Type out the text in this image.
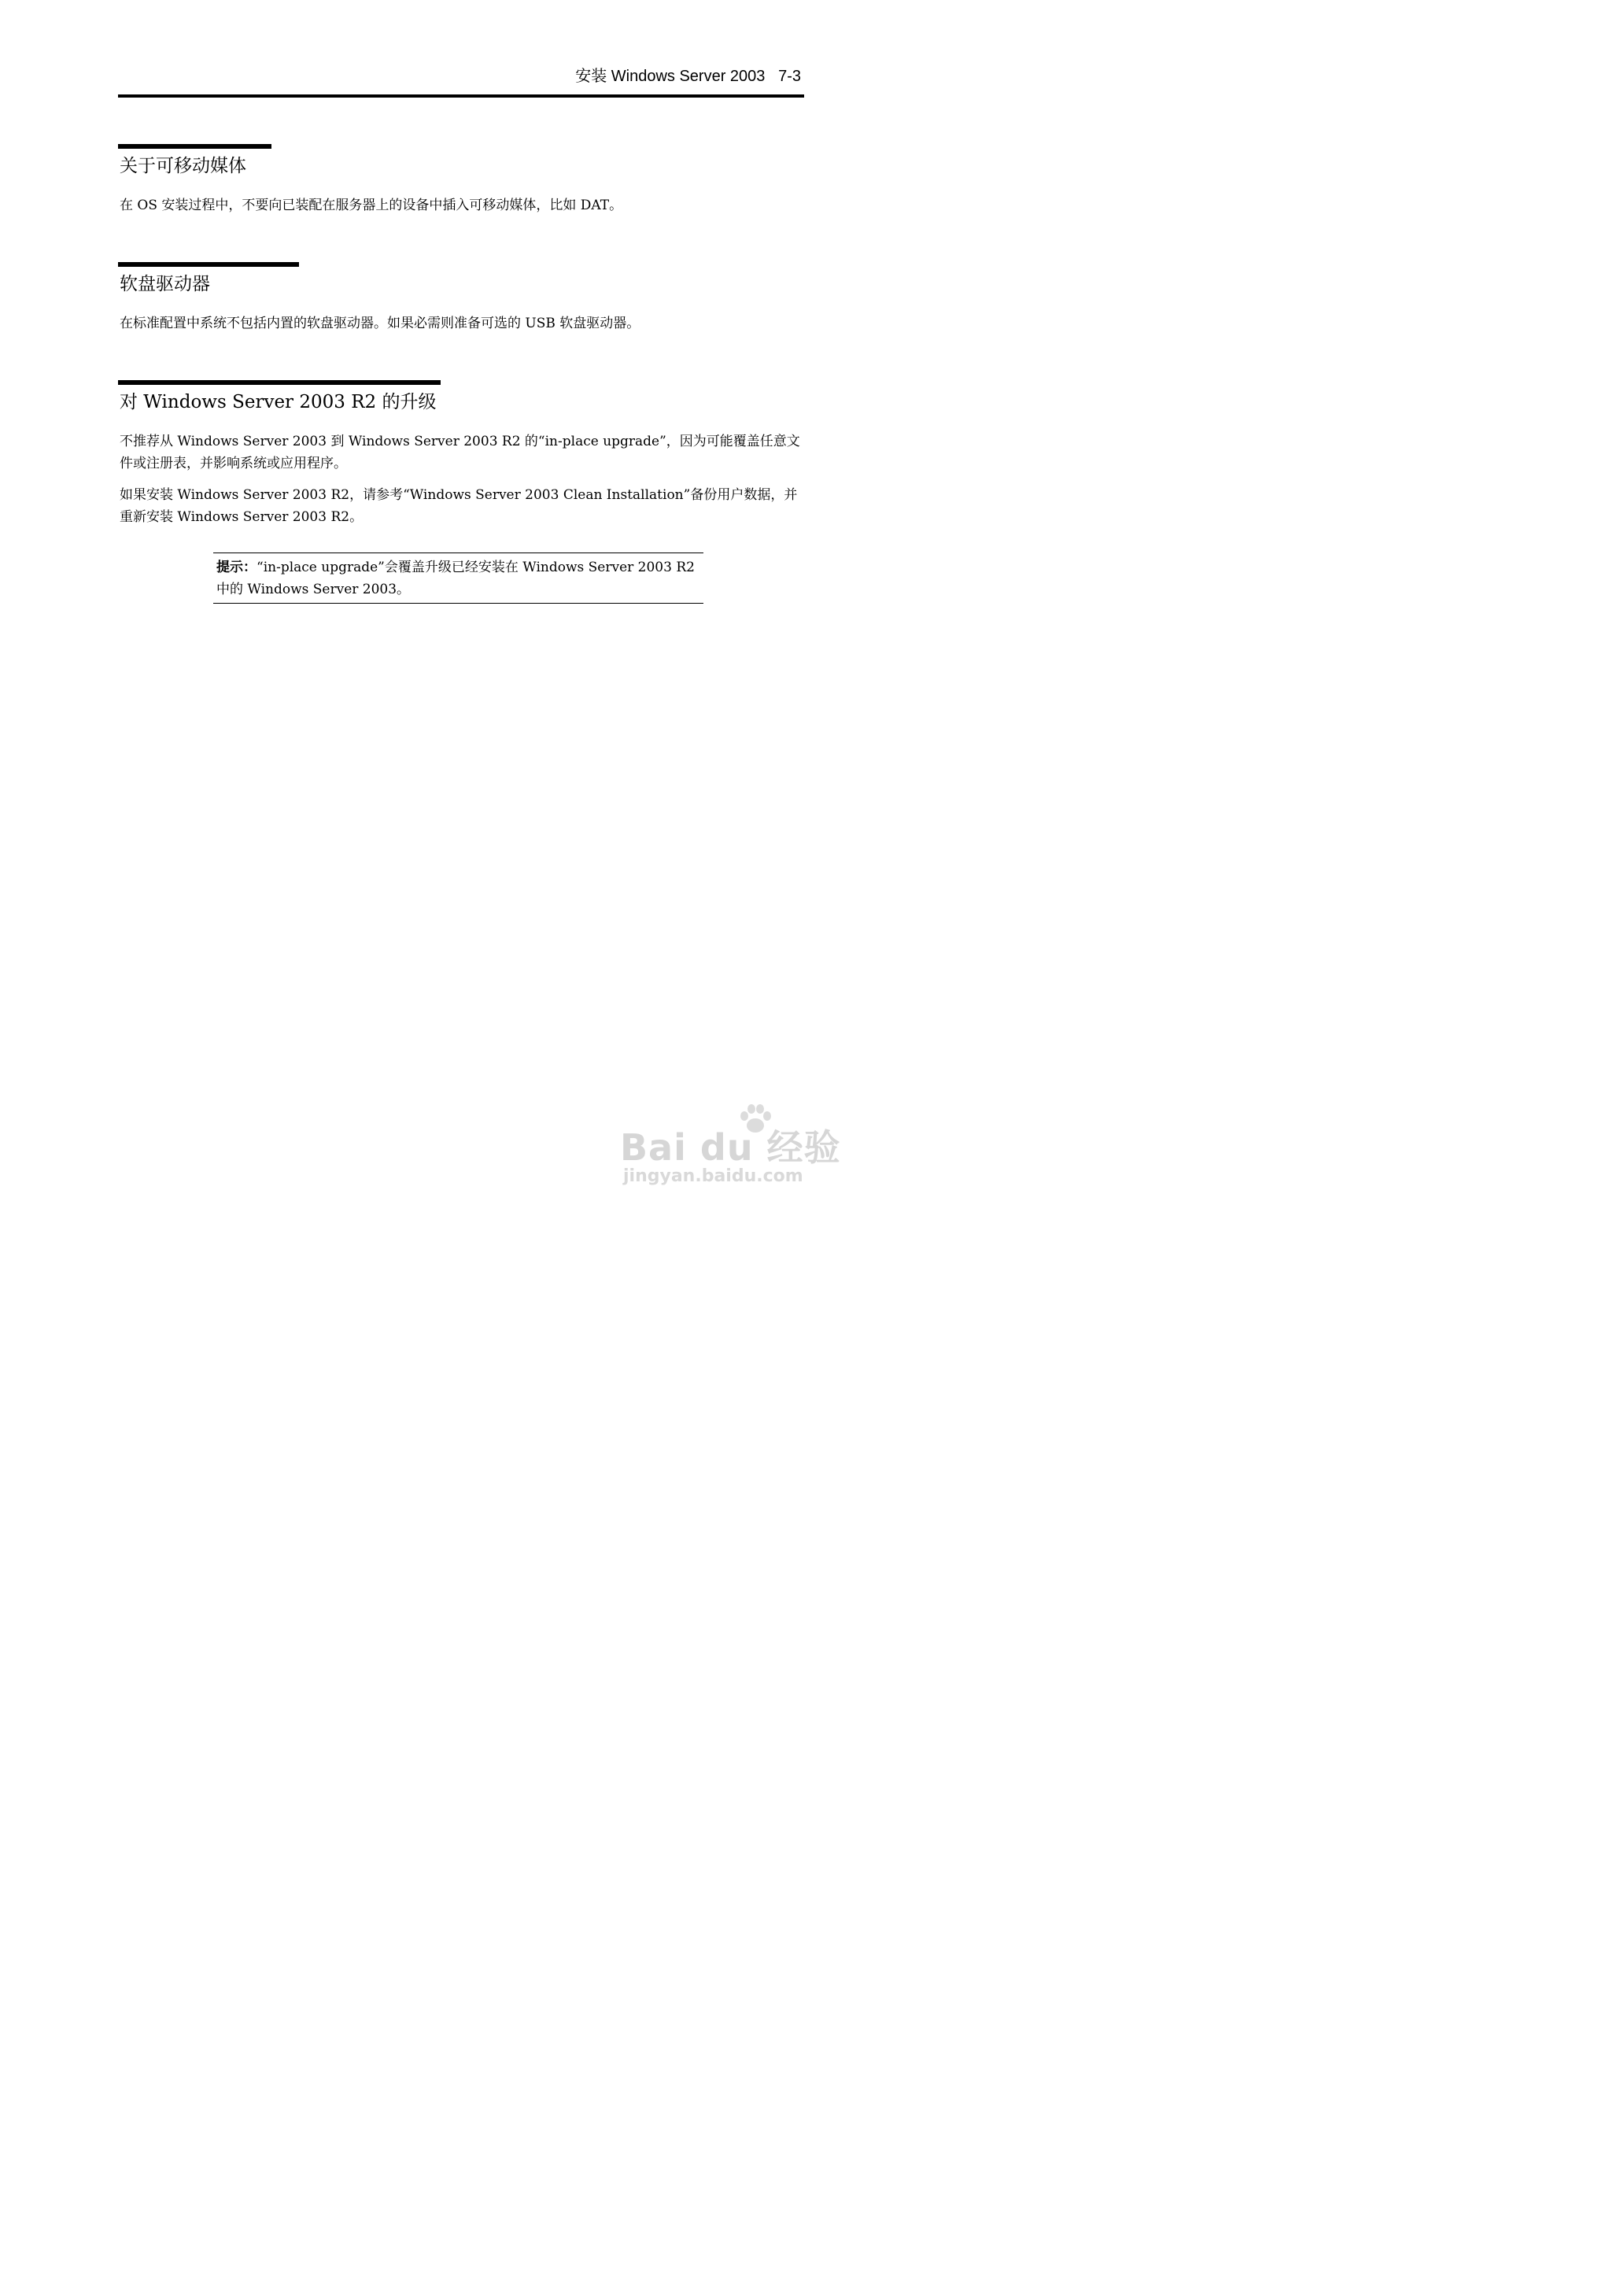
安装 Windows Server 2003 7-3
关于可移动媒体

在 OS 安装过程中，不要向已装配在服务器上的设备中插入可移动媒体，比如 DAT。

软盘驱动器

在标准配置中系统不包括内置的软盘驱动器。如果必需则准备可选的 USB 软盘驱动器。

对 Windows Server 2003 R2 的升级

不推荐从 Windows Server 2003 到 Windows Server 2003 R2 的“in-place upgrade”，因为可能覆盖任意文件或注册表，并影响系统或应用程序。

如果安装 Windows Server 2003 R2，请参考“Windows Server 2003 Clean Installation”备份用户数据，并重新安装 Windows Server 2003 R2。

提示：“in-place upgrade”会覆盖升级已经安装在 Windows Server 2003 R2 中的 Windows Server 2003。
Bai du 经验
jingyan.baidu.com
